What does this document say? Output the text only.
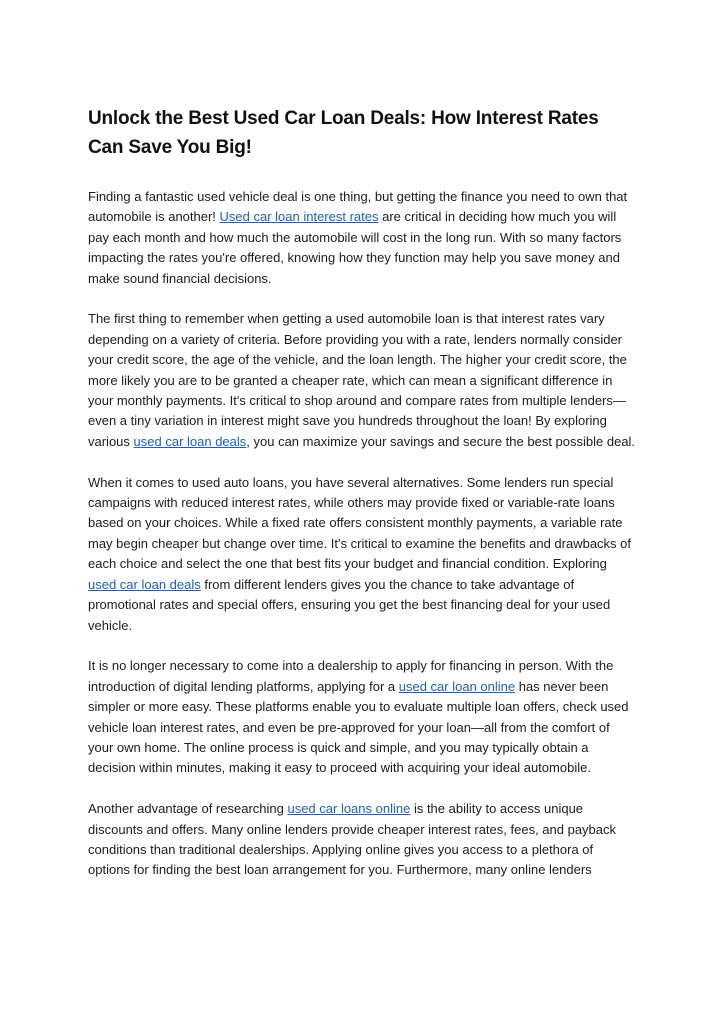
Unlock the Best Used Car Loan Deals: How Interest Rates Can Save You Big!

Finding a fantastic used vehicle deal is one thing, but getting the finance you need to own that automobile is another! Used car loan interest rates are critical in deciding how much you will pay each month and how much the automobile will cost in the long run. With so many factors impacting the rates you're offered, knowing how they function may help you save money and make sound financial decisions.

The first thing to remember when getting a used automobile loan is that interest rates vary depending on a variety of criteria. Before providing you with a rate, lenders normally consider your credit score, the age of the vehicle, and the loan length. The higher your credit score, the more likely you are to be granted a cheaper rate, which can mean a significant difference in your monthly payments. It's critical to shop around and compare rates from multiple lenders—even a tiny variation in interest might save you hundreds throughout the loan! By exploring various used car loan deals, you can maximize your savings and secure the best possible deal.

When it comes to used auto loans, you have several alternatives. Some lenders run special campaigns with reduced interest rates, while others may provide fixed or variable-rate loans based on your choices. While a fixed rate offers consistent monthly payments, a variable rate may begin cheaper but change over time. It's critical to examine the benefits and drawbacks of each choice and select the one that best fits your budget and financial condition. Exploring used car loan deals from different lenders gives you the chance to take advantage of promotional rates and special offers, ensuring you get the best financing deal for your used vehicle.

It is no longer necessary to come into a dealership to apply for financing in person. With the introduction of digital lending platforms, applying for a used car loan online has never been simpler or more easy. These platforms enable you to evaluate multiple loan offers, check used vehicle loan interest rates, and even be pre-approved for your loan—all from the comfort of your own home. The online process is quick and simple, and you may typically obtain a decision within minutes, making it easy to proceed with acquiring your ideal automobile.

Another advantage of researching used car loans online is the ability to access unique discounts and offers. Many online lenders provide cheaper interest rates, fees, and payback conditions than traditional dealerships. Applying online gives you access to a plethora of options for finding the best loan arrangement for you. Furthermore, many online lenders
